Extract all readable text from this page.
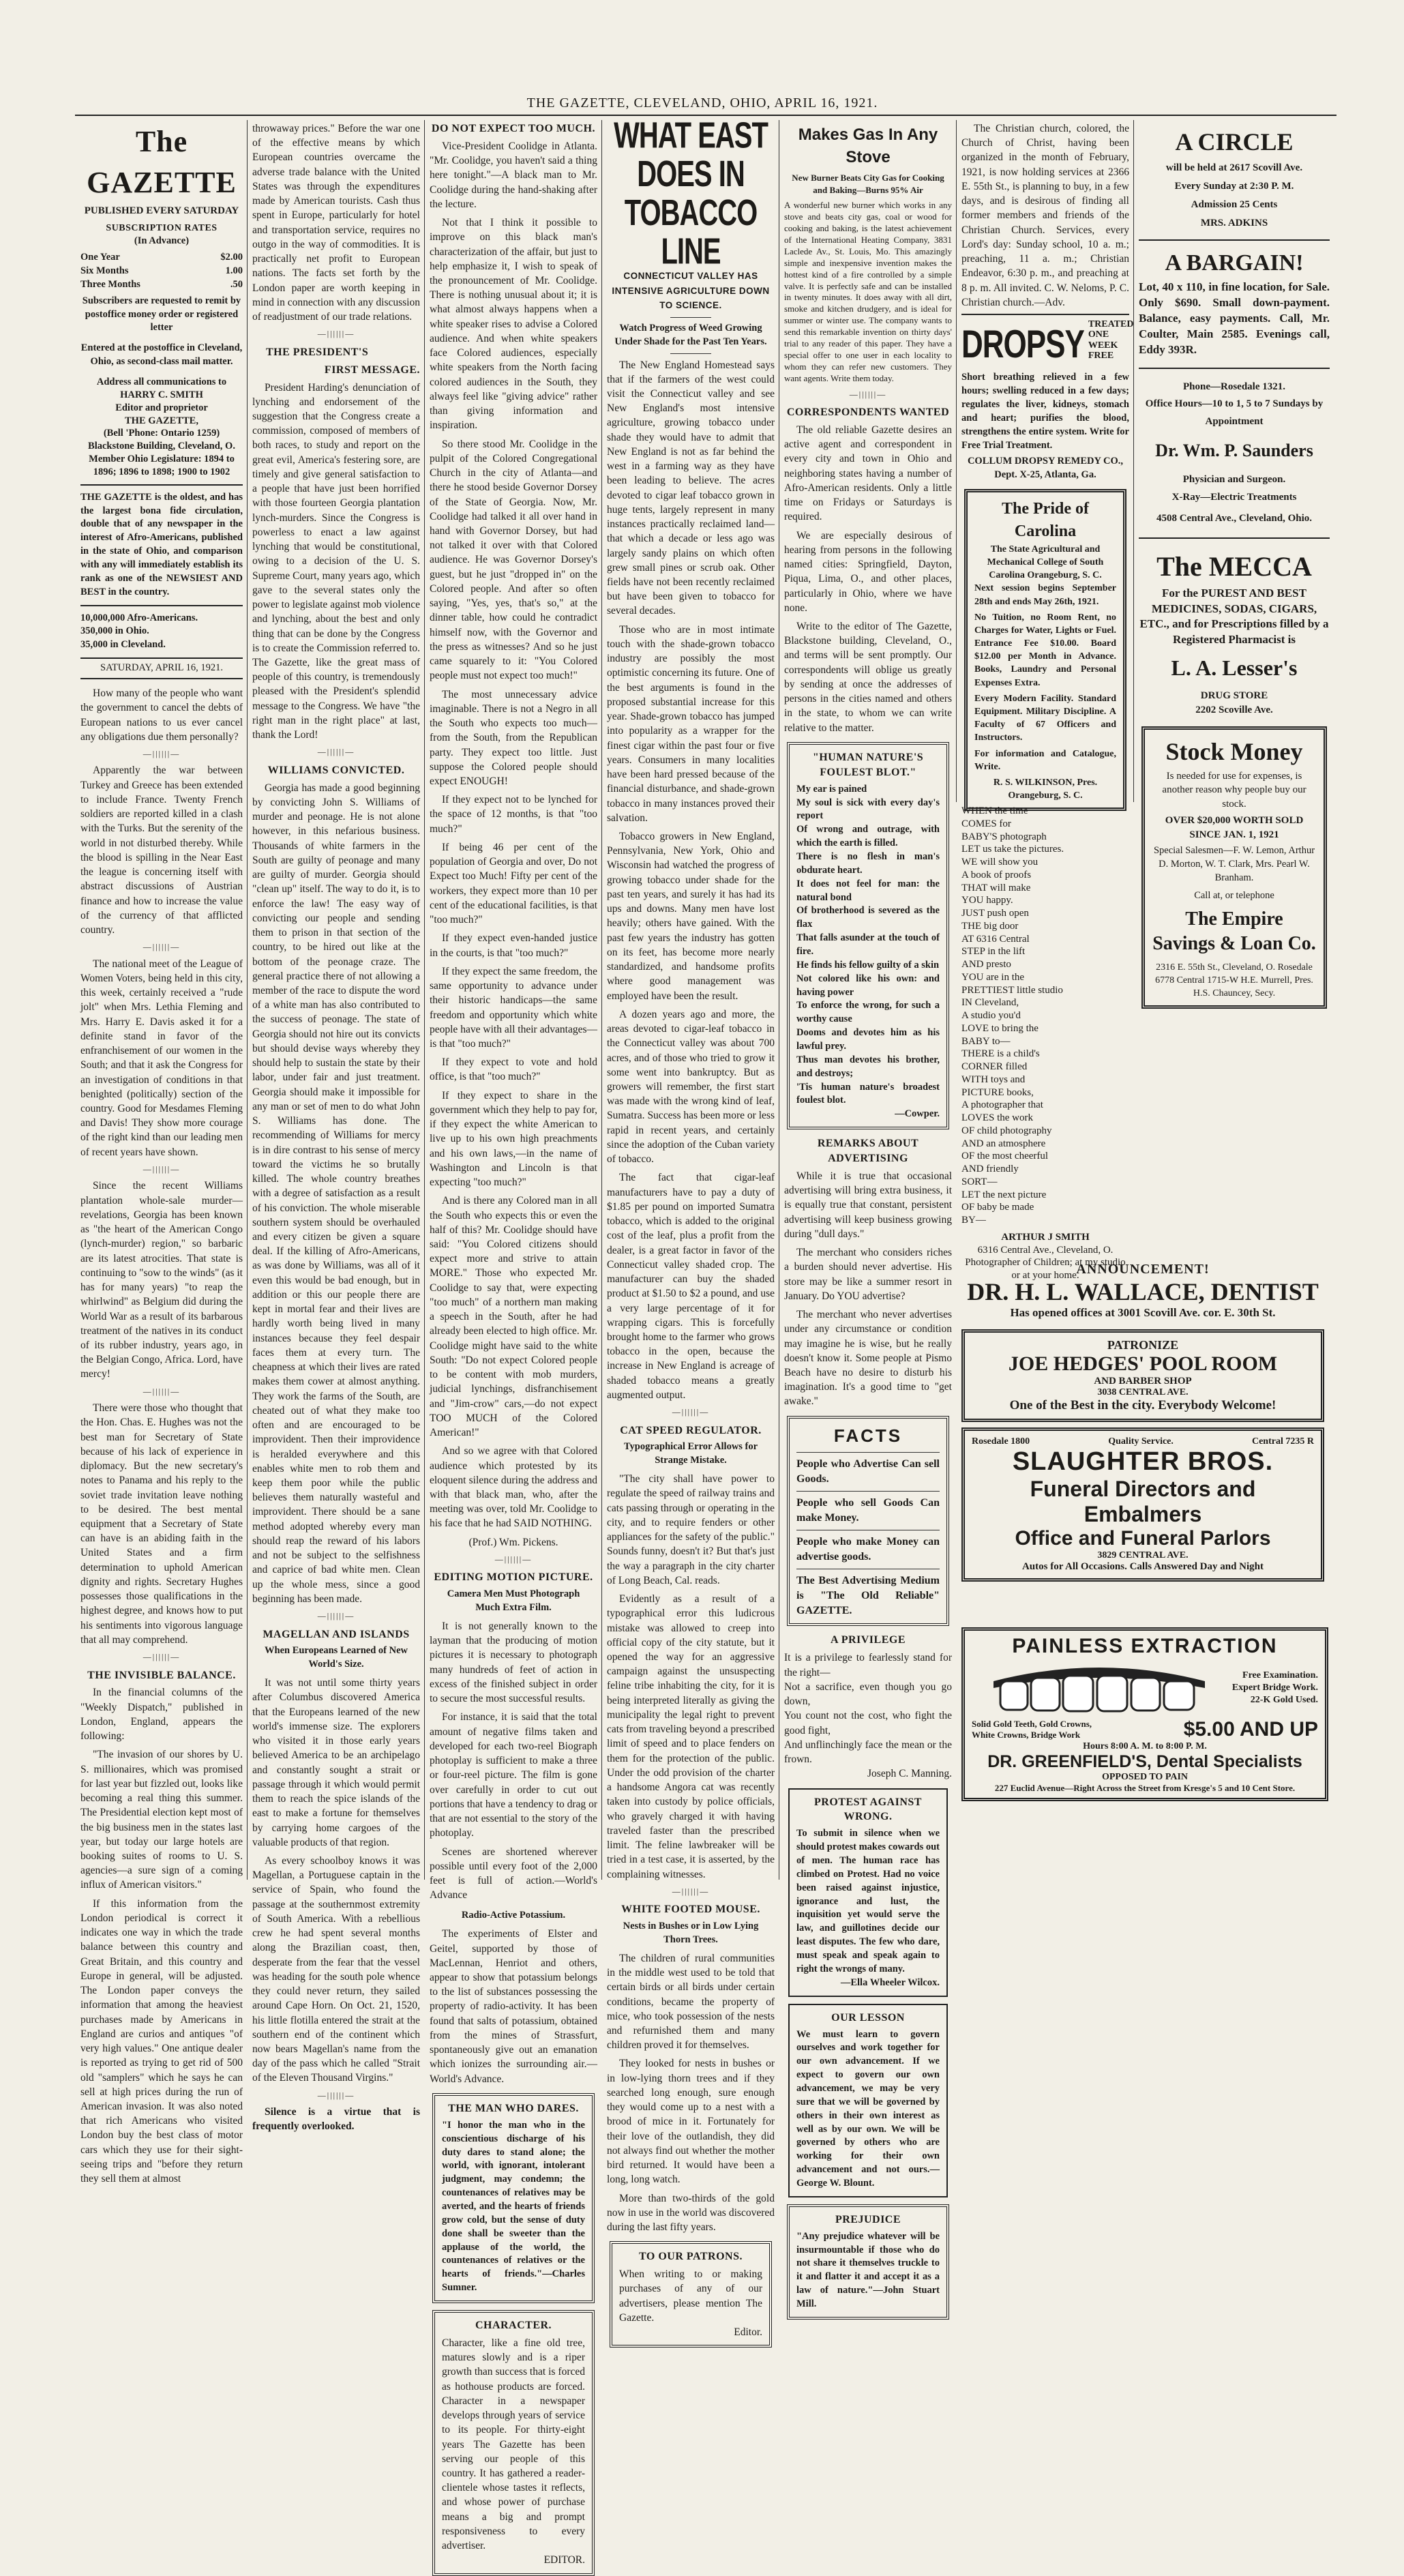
THE GAZETTE, CLEVELAND, OHIO, APRIL 16, 1921.
The GAZETTE
PUBLISHED EVERY SATURDAY
SUBSCRIPTION RATES
(In Advance)
One Year	$2.00
Six Months	1.00
Three Months	.50
Subscribers are requested to remit by postoffice money order or registered letter
Entered at the postoffice in Cleveland, Ohio, as second-class mail matter.
Address all communications to
HARRY C. SMITH
Editor and proprietor
THE GAZETTE,
(Bell 'Phone: Ontario 1259)
Blackstone Building, Cleveland, O.
Member Ohio Legislature: 1894 to 1896; 1896 to 1898; 1900 to 1902
THE GAZETTE is the oldest, and has the largest bona fide circulation, double that of any newspaper in the interest of Afro-Americans, published in the state of Ohio, and comparison with any will immediately establish its rank as one of the NEWSIEST AND BEST in the country.
10,000,000 Afro-Americans.
350,000 in Ohio.
35,000 in Cleveland.
SATURDAY, APRIL 16, 1921.

How many of the people who want the government to cancel the debts of European nations to us ever cancel any obligations due them personally?

—||||||—

Apparently the war between Turkey and Greece has been extended to include France. Twenty French soldiers are reported killed in a clash with the Turks. But the serenity of the world in not disturbed thereby. While the blood is spilling in the Near East the league is concerning itself with abstract discussions of Austrian finance and how to increase the value of the currency of that afflicted country.

—||||||—

The national meet of the League of Women Voters, being held in this city, this week, certainly received a "rude jolt" when Mrs. Lethia Fleming and Mrs. Harry E. Davis asked it for a definite stand in favor of the enfranchisement of our women in the South; and that it ask the Congress for an investigation of conditions in that benighted (politically) section of the country. Good for Mesdames Fleming and Davis! They show more courage of the right kind than our leading men of recent years have shown.

—||||||—

Since the recent Williams plantation whole-sale murder—revelations, Georgia has been known as "the heart of the American Congo (lynch-murder) region," so barbaric are its latest atrocities. That state is continuing to "sow to the winds" (as it has for many years) "to reap the whirlwind" as Belgium did during the World War as a result of its barbarous treatment of the natives in its conduct of its rubber industry, years ago, in the Belgian Congo, Africa. Lord, have mercy!

—||||||—

There were those who thought that the Hon. Chas. E. Hughes was not the best man for Secretary of State because of his lack of experience in diplomacy. But the new secretary's notes to Panama and his reply to the soviet trade invitation leave nothing to be desired. The best mental equipment that a Secretary of State can have is an abiding faith in the United States and a firm determination to uphold American dignity and rights. Secretary Hughes possesses those qualifications in the highest degree, and knows how to put his sentiments into vigorous language that all may comprehend.

—||||||—
THE INVISIBLE BALANCE.

In the financial columns of the "Weekly Dispatch," published in London, England, appears the following:

"The invasion of our shores by U. S. millionaires, which was promised for last year but fizzled out, looks like becoming a real thing this summer. The Presidential election kept most of the big business men in the states last year, but today our large hotels are booking suites of rooms to U. S. agencies—a sure sign of a coming influx of American visitors."

If this information from the London periodical is correct it indicates one way in which the trade balance between this country and Great Britain, and this country and Europe in general, will be adjusted. The London paper conveys the information that among the heaviest purchases made by Americans in England are curios and antiques "of very high values." One antique dealer is reported as trying to get rid of 500 old "samplers" which he says he can sell at high prices during the run of American invasion. It was also noted that rich Americans who visited London buy the best class of motor cars which they use for their sight-seeing trips and "before they return they sell them at almost

throwaway prices." Before the war one of the effective means by which European countries overcame the adverse trade balance with the United States was through the expenditures made by American tourists. Cash thus spent in Europe, particularly for hotel and transportation service, requires no outgo in the way of commodities. It is practically net profit to European nations. The facts set forth by the London paper are worth keeping in mind in connection with any discussion of readjustment of our trade relations.

—||||||—
THE PRESIDENT'S
FIRST MESSAGE.

President Harding's denunciation of lynching and endorsement of the suggestion that the Congress create a commission, composed of members of both races, to study and report on the great evil, America's festering sore, are timely and give general satisfaction to a people that have just been horrified with those fourteen Georgia plantation lynch-murders. Since the Congress is powerless to enact a law against lynching that would be constitutional, owing to a decision of the U. S. Supreme Court, many years ago, which gave to the several states only the power to legislate against mob violence and lynching, about the best and only thing that can be done by the Congress is to create the Commission referred to. The Gazette, like the great mass of people of this country, is tremendously pleased with the President's splendid message to the Congress. We have "the right man in the right place" at last, thank the Lord!

—||||||—
WILLIAMS CONVICTED.

Georgia has made a good beginning by convicting John S. Williams of murder and peonage. He is not alone however, in this nefarious business. Thousands of white farmers in the South are guilty of peonage and many are guilty of murder. Georgia should "clean up" itself. The way to do it, is to enforce the law! The easy way of convicting our people and sending them to prison in that section of the country, to be hired out like at the bottom of the peonage craze. The general practice there of not allowing a member of the race to dispute the word of a white man has also contributed to the success of peonage. The state of Georgia should not hire out its convicts but should devise ways whereby they should help to sustain the state by their labor, under fair and just treatment. Georgia should make it impossible for any man or set of men to do what John S. Williams has done. The recommending of Williams for mercy is in dire contrast to his sense of mercy toward the victims he so brutally killed. The whole country breathes with a degree of satisfaction as a result of his conviction. The whole miserable southern system should be overhauled and every citizen be given a square deal. If the killing of Afro-Americans, as was done by Williams, was all of it even this would be bad enough, but in addition or this our people there are kept in mortal fear and their lives are hardly worth being lived in many instances because they feel despair faces them at every turn. The cheapness at which their lives are rated makes them cower at almost anything. They work the farms of the South, are cheated out of what they make too often and are encouraged to be improvident. Then their improvidence is heralded everywhere and this enables white men to rob them and keep them poor while the public believes them naturally wasteful and improvident. There should be a sane method adopted whereby every man should reap the reward of his labors and not be subject to the selfishness and caprice of bad white men. Clean up the whole mess, since a good beginning has been made.

—||||||—
MAGELLAN AND ISLANDS
When Europeans Learned of New World's Size.

It was not until some thirty years after Columbus discovered America that the Europeans learned of the new world's immense size. The explorers who visited it in those early years believed America to be an archipelago and constantly sought a strait or passage through it which would permit them to reach the spice islands of the east to make a fortune for themselves by carrying home cargoes of the valuable products of that region.

As every schoolboy knows it was Magellan, a Portuguese captain in the service of Spain, who found the passage at the southernmost extremity of South America. With a rebellious crew he had spent several months along the Brazilian coast, then, desperate from the fear that the vessel was heading for the south pole whence they could never return, they sailed around Cape Horn. On Oct. 21, 1520, his little flotilla entered the strait at the southern end of the continent which now bears Magellan's name from the day of the pass which he called "Strait of the Eleven Thousand Virgins."

—||||||—

Silence is a virtue that is frequently overlooked.

DO NOT EXPECT TOO MUCH.

Vice-President Coolidge in Atlanta. "Mr. Coolidge, you haven't said a thing here tonight."—A black man to Mr. Coolidge during the hand-shaking after the lecture.

Not that I think it possible to improve on this black man's characterization of the affair, but just to help emphasize it, I wish to speak of the pronouncement of Mr. Coolidge. There is nothing unusual about it; it is what almost always happens when a white speaker rises to advise a Colored audience. And when white speakers face Colored audiences, especially white speakers from the North facing colored audiences in the South, they always feel like "giving advice" rather than giving information and inspiration.

So there stood Mr. Coolidge in the pulpit of the Colored Congregational Church in the city of Atlanta—and there he stood beside Governor Dorsey of the State of Georgia. Now, Mr. Coolidge had talked it all over hand in hand with Governor Dorsey, but had not talked it over with that Colored audience. He was Governor Dorsey's guest, but he just "dropped in" on the Colored people. And after so often saying, "Yes, yes, that's so," at the dinner table, how could he contradict himself now, with the Governor and the press as witnesses? And so he just came squarely to it: "You Colored people must not expect too much!"

The most unnecessary advice imaginable. There is not a Negro in all the South who expects too much—from the South, from the Republican party. They expect too little. Just suppose the Colored people should expect ENOUGH!

If they expect not to be lynched for the space of 12 months, is that "too much?"

If being 46 per cent of the population of Georgia and over, Do not Expect too Much! Fifty per cent of the workers, they expect more than 10 per cent of the educational facilities, is that "too much?"

If they expect even-handed justice in the courts, is that "too much?"

If they expect the same freedom, the same opportunity to advance under their historic handicaps—the same freedom and opportunity which white people have with all their advantages—is that "too much?"

If they expect to vote and hold office, is that "too much?"

If they expect to share in the government which they help to pay for, if they expect the white American to live up to his own high preachments and his own laws,—in the name of Washington and Lincoln is that expecting "too much?"

And is there any Colored man in all the South who expects this or even the half of this? Mr. Coolidge should have said: "You Colored citizens should expect more and strive to attain MORE." Those who expected Mr. Coolidge to say that, were expecting "too much" of a northern man making a speech in the South, after he had already been elected to high office. Mr. Coolidge might have said to the white South: "Do not expect Colored people to be content with mob murders, judicial lynchings, disfranchisement and "Jim-crow" cars,—do not expect TOO MUCH of the Colored American!"

And so we agree with that Colored audience which protested by its eloquent silence during the address and with that black man, who, after the meeting was over, told Mr. Coolidge to his face that he had SAID NOTHING.

(Prof.) Wm. Pickens.
—||||||—
EDITING MOTION PICTURE.
Camera Men Must Photograph Much Extra Film.

It is not generally known to the layman that the producing of motion pictures it is necessary to photograph many hundreds of feet of action in excess of the finished subject in order to secure the most successful results.

For instance, it is said that the total amount of negative films taken and developed for each two-reel Biograph photoplay is sufficient to make a three or four-reel picture. The film is gone over carefully in order to cut out portions that have a tendency to drag or that are not essential to the story of the photoplay.

Scenes are shortened wherever possible until every foot of the 2,000 feet is full of action.—World's Advance

Radio-Active Potassium.

The experiments of Elster and Geitel, supported by those of MacLennan, Henriot and others, appear to show that potassium belongs to the list of substances possessing the property of radio-activity. It has been found that salts of potassium, obtained from the mines of Strassfurt, spontaneously give out an emanation which ionizes the surrounding air.—World's Advance.

THE MAN WHO DARES.
"I honor the man who in the conscientious discharge of his duty dares to stand alone; the world, with ignorant, intolerant judgment, may condemn; the countenances of relatives may be averted, and the hearts of friends grow cold, but the sense of duty done shall be sweeter than the applause of the world, the countenances of relatives or the hearts of friends."—Charles Sumner.
CHARACTER.
Character, like a fine old tree, matures slowly and is a riper growth than success that is forced as hothouse products are forced. Character in a newspaper develops through years of service to its people. For thirty-eight years The Gazette has been serving our people of this country. It has gathered a reader-clientele whose tastes it reflects, and whose power of purchase means a big and prompt responsiveness to every advertiser.
EDITOR.
WHAT EAST DOES IN TOBACCO LINE
CONNECTICUT VALLEY HAS INTENSIVE AGRICULTURE DOWN TO SCIENCE.
Watch Progress of Weed Growing Under Shade for the Past Ten Years.

The New England Homestead says that if the farmers of the west could visit the Connecticut valley and see New England's most intensive agriculture, growing tobacco under shade they would have to admit that New England is not as far behind the west in a farming way as they have been leading to believe. The acres devoted to cigar leaf tobacco grown in huge tents, largely represent in many instances practically reclaimed land—that which a decade or less ago was largely sandy plains on which often grew small pines or scrub oak. Other fields have not been recently reclaimed but have been given to tobacco for several decades.

Those who are in most intimate touch with the shade-grown tobacco industry are possibly the most optimistic concerning its future. One of the best arguments is found in the proposed substantial increase for this year. Shade-grown tobacco has jumped into popularity as a wrapper for the finest cigar within the past four or five years. Consumers in many localities have been hard pressed because of the financial disturbance, and shade-grown tobacco in many instances proved their salvation.

Tobacco growers in New England, Pennsylvania, New York, Ohio and Wisconsin had watched the progress of growing tobacco under shade for the past ten years, and surely it has had its ups and downs. Many men have lost heavily; others have gained. With the past few years the industry has gotten on its feet, has become more nearly standardized, and handsome profits where good management was employed have been the result.

A dozen years ago and more, the areas devoted to cigar-leaf tobacco in the Connecticut valley was about 700 acres, and of those who tried to grow it some went into bankruptcy. But as growers will remember, the first start was made with the wrong kind of leaf, Sumatra. Success has been more or less rapid in recent years, and certainly since the adoption of the Cuban variety of tobacco.

The fact that cigar-leaf manufacturers have to pay a duty of $1.85 per pound on imported Sumatra tobacco, which is added to the original cost of the leaf, plus a profit from the dealer, is a great factor in favor of the Connecticut valley shaded crop. The manufacturer can buy the shaded product at $1.50 to $2 a pound, and use a very large percentage of it for wrapping cigars. This is forcefully brought home to the farmer who grows tobacco in the open, because the increase in New England is acreage of shaded tobacco means a greatly augmented output.

—||||||—
CAT SPEED REGULATOR.
Typographical Error Allows for Strange Mistake.

"The city shall have power to regulate the speed of railway trains and cats passing through or operating in the city, and to require fenders or other appliances for the safety of the public." Sounds funny, doesn't it? But that's just the way a paragraph in the city charter of Long Beach, Cal. reads.

Evidently as a result of a typographical error this ludicrous mistake was allowed to creep into official copy of the city statute, but it opened the way for an aggressive campaign against the unsuspecting feline tribe inhabiting the city, for it is being interpreted literally as giving the municipality the legal right to prevent cats from traveling beyond a prescribed limit of speed and to place fenders on them for the protection of the public. Under the odd provision of the charter a handsome Angora cat was recently taken into custody by police officials, who gravely charged it with having traveled faster than the prescribed limit. The feline lawbreaker will be tried in a test case, it is asserted, by the complaining witnesses.

—||||||—
WHITE FOOTED MOUSE.
Nests in Bushes or in Low Lying Thorn Trees.

The children of rural communities in the middle west used to be told that certain birds or all birds under certain conditions, became the property of mice, who took possession of the nests and refurnished them and many children proved it for themselves.

They looked for nests in bushes or in low-lying thorn trees and if they searched long enough, sure enough they would come up to a nest with a brood of mice in it. Fortunately for their love of the outlandish, they did not always find out whether the mother bird returned. It would have been a long, long watch.

More than two-thirds of the gold now in use in the world was discovered during the last fifty years.

TO OUR PATRONS.
When writing to or making purchases of any of our advertisers, please mention The Gazette.
Editor.
Makes Gas In Any Stove
New Burner Beats City Gas for Cooking and Baking—Burns 95% Air
A wonderful new burner which works in any stove and beats city gas, coal or wood for cooking and baking, is the latest achievement of the International Heating Company, 3831 Laclede Av., St. Louis, Mo. This amazingly simple and inexpensive invention makes the hottest kind of a fire controlled by a simple valve. It is perfectly safe and can be installed in twenty minutes. It does away with all dirt, smoke and kitchen drudgery, and is ideal for summer or winter use. The company wants to send this remarkable invention on thirty days' trial to any reader of this paper. They have a special offer to one user in each locality to whom they can refer new customers. They want agents. Write them today.
—||||||—
CORRESPONDENTS WANTED

The old reliable Gazette desires an active agent and correspondent in every city and town in Ohio and neighboring states having a number of Afro-American residents. Only a little time on Fridays or Saturdays is required.

We are especially desirous of hearing from persons in the following named cities: Springfield, Dayton, Piqua, Lima, O., and other places, particularly in Ohio, where we have none.

Write to the editor of The Gazette, Blackstone building, Cleveland, O., and terms will be sent promptly. Our correspondents will oblige us greatly by sending at once the addresses of persons in the cities named and others in the state, to whom we can write relative to the matter.

"HUMAN NATURE'S FOULEST BLOT."

My ear is pained

My soul is sick with every day's report

Of wrong and outrage, with which the earth is filled.

There is no flesh in man's obdurate heart.

It does not feel for man: the natural bond

Of brotherhood is severed as the flax

That falls asunder at the touch of fire.

He finds his fellow guilty of a skin

Not colored like his own: and having power

To enforce the wrong, for such a worthy cause

Dooms and devotes him as his lawful prey.

Thus man devotes his brother, and destroys;

'Tis human nature's broadest foulest blot.

—Cowper.
REMARKS ABOUT ADVERTISING

While it is true that occasional advertising will bring extra business, it is equally true that constant, persistent advertising will keep business growing during "dull days."

The merchant who considers riches a burden should never advertise. His store may be like a summer resort in January. Do YOU advertise?

The merchant who never advertises under any circumstance or condition may imagine he is wise, but he really doesn't know it. Some people at Pismo Beach have no desire to disturb his imagination. It's a good time to "get awake."

FACTS
People who Advertise Can sell Goods.
People who sell Goods Can make Money.
People who make Money can advertise goods.
The Best Advertising Medium is "The Old Reliable" GAZETTE.
A PRIVILEGE

It is a privilege to fearlessly stand for the right—

Not a sacrifice, even though you go down,

You count not the cost, who fight the good fight,

And unflinchingly face the mean or the frown.

Joseph C. Manning.
PROTEST AGAINST WRONG.
To submit in silence when we should protest makes cowards out of men. The human race has climbed on Protest. Had no voice been raised against injustice, ignorance and lust, the inquisition yet would serve the law, and guillotines decide our least disputes. The few who dare, must speak and speak again to right the wrongs of many.
—Ella Wheeler Wilcox.
OUR LESSON
We must learn to govern ourselves and work together for our own advancement. If we expect to govern our own advancement, we may be very sure that we will be governed by others in their own interest as well as by our own. We will be governed by others who are working for their own advancement and not ours.—George W. Blount.
PREJUDICE
"Any prejudice whatever will be insurmountable if those who do not share it themselves truckle to it and flatter it and accept it as a law of nature."—John Stuart Mill.

The Christian church, colored, the Church of Christ, having been organized in the month of February, 1921, is now holding services at 2366 E. 55th St., is planning to buy, in a few days, and is desirous of finding all former members and friends of the Christian Church. Services, every Lord's day: Sunday school, 10 a. m.; preaching, 11 a. m.; Christian Endeavor, 6:30 p. m., and preaching at 8 p. m. All invited. C. W. Neloms, P. C. Christian church.—Adv.

DROPSY TREATED ONE WEEK FREE
Short breathing relieved in a few hours; swelling reduced in a few days; regulates the liver, kidneys, stomach and heart; purifies the blood, strengthens the entire system. Write for Free Trial Treatment.
COLLUM DROPSY REMEDY CO., Dept. X-25, Atlanta, Ga.
The Pride of Carolina
The State Agricultural and Mechanical College of South Carolina Orangeburg, S. C.
Next session begins September 28th and ends May 26th, 1921.
No Tuition, no Room Rent, no Charges for Water, Lights or Fuel. Entrance Fee $10.00. Board $12.00 per Month in Advance. Books, Laundry and Personal Expenses Extra.
Every Modern Facility. Standard Equipment. Military Discipline. A Faculty of 67 Officers and Instructors.
For information and Catalogue, Write.
R. S. WILKINSON, Pres. Orangeburg, S. C.
WHEN the time
COMES for
BABY'S photograph
LET us take the pictures.
WE will show you
A book of proofs
THAT will make
YOU happy.
JUST push open
THE big door
AT 6316 Central
STEP in the lift
AND presto
YOU are in the
PRETTIEST little studio
IN Cleveland,
A studio you'd
LOVE to bring the
BABY to—
THERE is a child's
CORNER filled
WITH toys and
PICTURE books,
A photographer that
LOVES the work
OF child photography
AND an atmosphere
OF the most cheerful
AND friendly
SORT—
LET the next picture
OF baby be made
BY—
ARTHUR J SMITH
6316 Central Ave., Cleveland, O. Photographer of Children; at my studio or at your home.
A CIRCLE
will be held at 2617 Scovill Ave.
Every Sunday at 2:30 P. M.
Admission 25 Cents
MRS. ADKINS
A BARGAIN!
Lot, 40 x 110, in fine location, for Sale. Only $690. Small down-payment. Balance, easy payments. Call, Mr. Coulter, Main 2585. Evenings call, Eddy 393R.
Phone—Rosedale 1321.
Office Hours—10 to 1, 5 to 7 Sundays by Appointment
Dr. Wm. P. Saunders
Physician and Surgeon.
X-Ray—Electric Treatments
4508 Central Ave., Cleveland, Ohio.
The MECCA
For the PUREST AND BEST MEDICINES, SODAS, CIGARS, ETC., and for Prescriptions filled by a Registered Pharmacist is
L. A. Lesser's
DRUG STORE
2202 Scoville Ave.
Stock Money
Is needed for use for expenses, is another reason why people buy our stock.
OVER $20,000 WORTH SOLD SINCE JAN. 1, 1921
Special Salesmen—F. W. Lemon, Arthur D. Morton, W. T. Clark, Mrs. Pearl W. Branham.
Call at, or telephone
The Empire Savings & Loan Co.
2316 E. 55th St., Cleveland, O. Rosedale 6778 Central 1715-W H.E. Murrell, Pres. H.S. Chauncey, Secy.
ANNOUNCEMENT!
DR. H. L. WALLACE, DENTIST
Has opened offices at 3001 Scovill Ave. cor. E. 30th St.
PATRONIZE
JOE HEDGES' POOL ROOM
AND BARBER SHOP
3038 CENTRAL AVE.
One of the Best in the city. Everybody Welcome!
Rosedale 1800	Quality Service.	Central 7235 R
SLAUGHTER BROS.
Funeral Directors and Embalmers
Office and Funeral Parlors
3829 CENTRAL AVE.
Autos for All Occasions. Calls Answered Day and Night
PAINLESS EXTRACTION
Free Examination.
Expert Bridge Work.
22-K Gold Used.
Solid Gold Teeth, Gold Crowns, White Crowns, Bridge Work	$5.00 AND UP
Hours 8:00 A. M. to 8:00 P. M.
DR. GREENFIELD'S, Dental Specialists
OPPOSED TO PAIN
227 Euclid Avenue—Right Across the Street from Kresge's 5 and 10 Cent Store.
